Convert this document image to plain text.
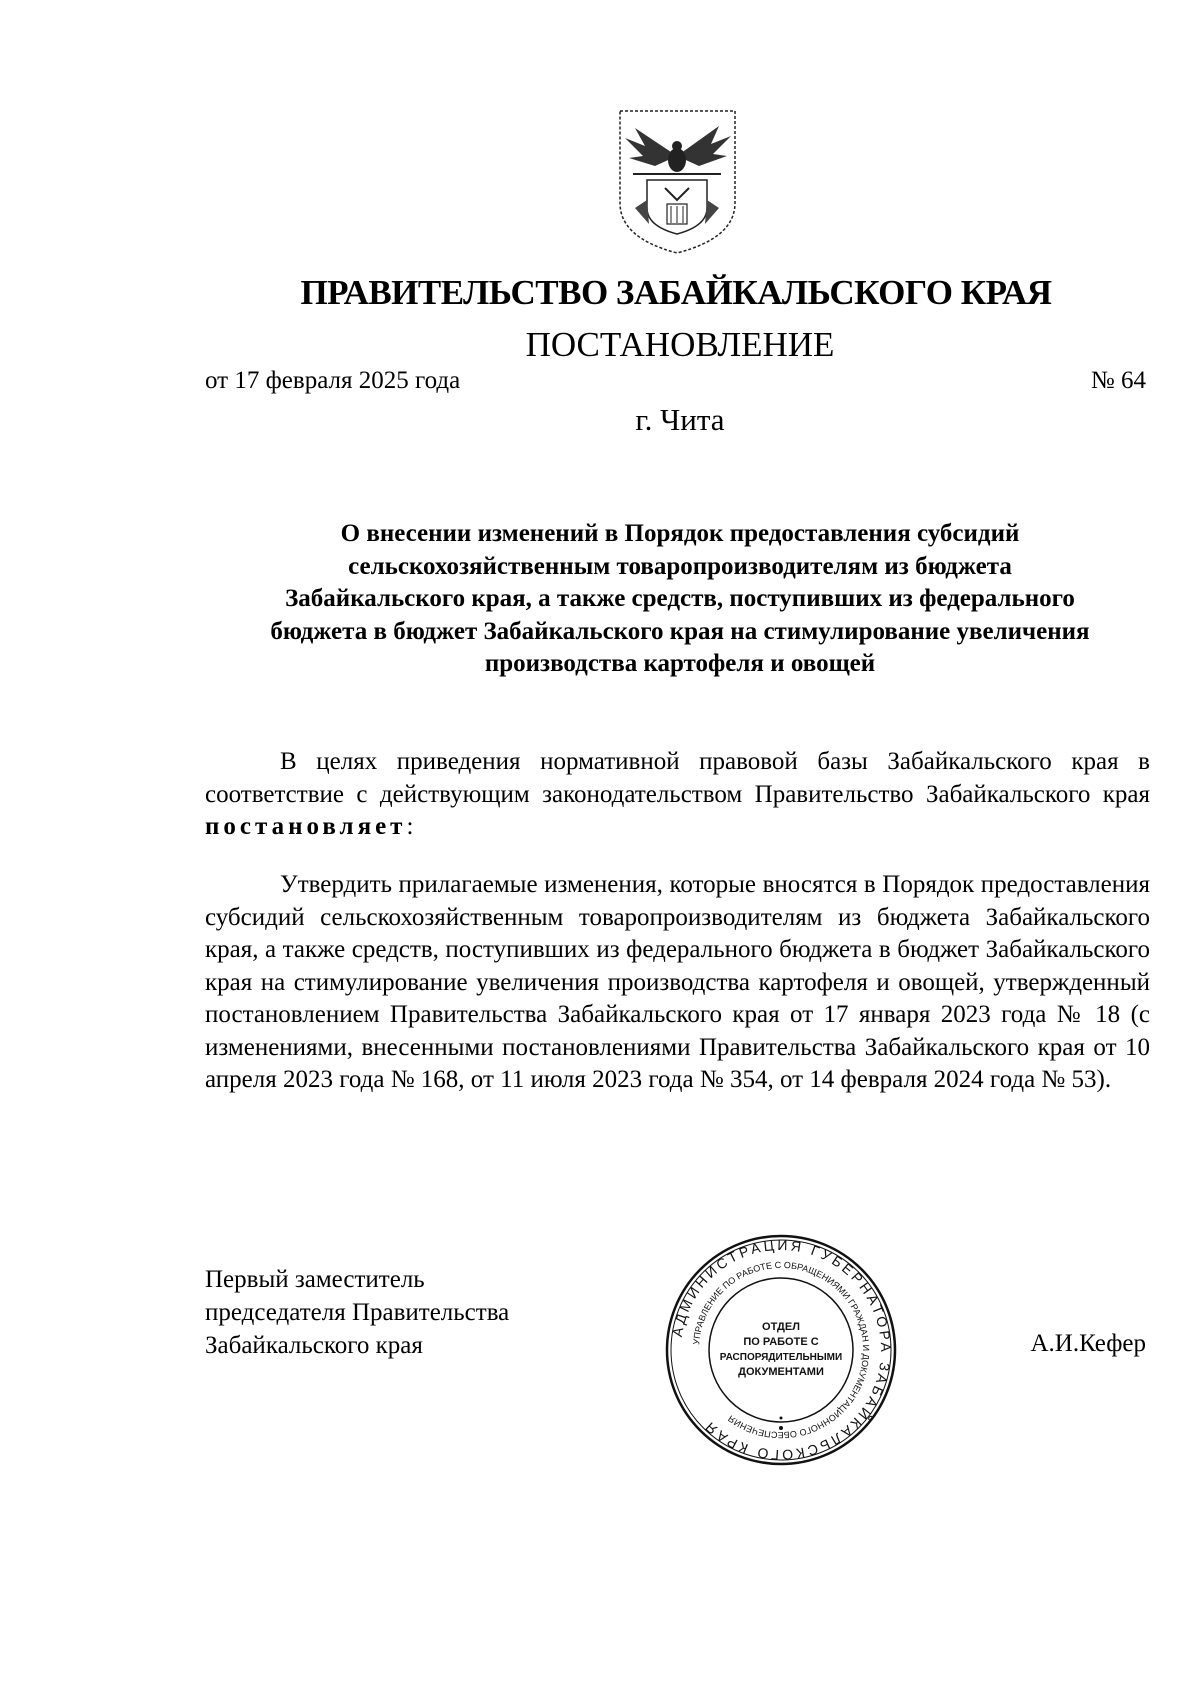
ПРАВИТЕЛЬСТВО ЗАБАЙКАЛЬСКОГО КРАЯ
ПОСТАНОВЛЕНИЕ
от 17 февраля 2025 года	№ 64
г. Чита
О внесении изменений в Порядок предоставления субсидий
сельскохозяйственным товаропроизводителям из бюджета
Забайкальского края, а также средств, поступивших из федерального
бюджета в бюджет Забайкальского края на стимулирование увеличения
производства картофеля и овощей
В целях приведения нормативной правовой базы Забайкальского края в соответствие с действующим законодательством Правительство Забайкальского края постановляет:
Утвердить прилагаемые изменения, которые вносятся в Порядок предоставления субсидий сельскохозяйственным товаропроизводителям из бюджета Забайкальского края, а также средств, поступивших из федерального бюджета в бюджет Забайкальского края на стимулирование увеличения производства картофеля и овощей, утвержденный постановлением Правительства Забайкальского края от 17 января 2023 года № 18 (с изменениями, внесенными постановлениями Правительства Забайкальского края от 10 апреля 2023 года № 168, от 11 июля 2023 года № 354, от 14 февраля 2024 года № 53).
Первый заместитель
председателя Правительства
Забайкальского края	А.И.Кефер
АДМИНИСТРАЦИЯ ГУБЕРНАТОРА ЗАБАЙКАЛЬСКОГО КРАЯ
УПРАВЛЕНИЕ ПО РАБОТЕ С ОБРАЩЕНИЯМИ ГРАЖДАН И ДОКУМЕНТАЦИОННОГО ОБЕСПЕЧЕНИЯ
ОТДЕЛ
ПО РАБОТЕ С
РАСПОРЯДИТЕЛЬНЫМИ
ДОКУМЕНТАМИ
